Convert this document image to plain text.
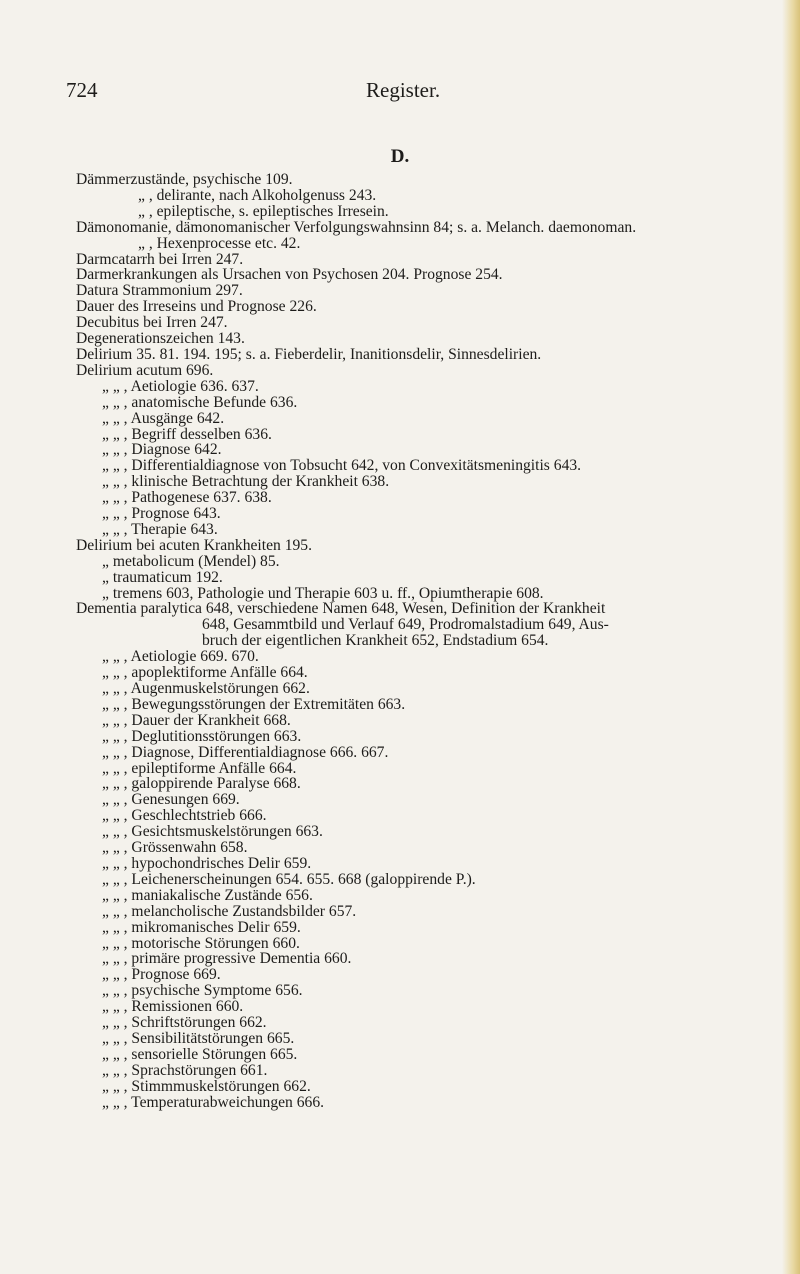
724	Register.
D.
Dämmerzustände, psychische 109.
„ , delirante, nach Alkoholgenuss 243.
„ , epileptische, s. epileptisches Irresein.
Dämonomanie, dämonomanischer Verfolgungswahnsinn 84; s. a. Melanch. daemonoman.
„ , Hexenprocesse etc. 42.
Darmcatarrh bei Irren 247.
Darmerkrankungen als Ursachen von Psychosen 204. Prognose 254.
Datura Strammonium 297.
Dauer des Irreseins und Prognose 226.
Decubitus bei Irren 247.
Degenerationszeichen 143.
Delirium 35. 81. 194. 195; s. a. Fieberdelir, Inanitionsdelir, Sinnesdelirien.
Delirium acutum 696.
„ „ , Aetiologie 636. 637.
„ „ , anatomische Befunde 636.
„ „ , Ausgänge 642.
„ „ , Begriff desselben 636.
„ „ , Diagnose 642.
„ „ , Differentialdiagnose von Tobsucht 642, von Convexitätsmeningitis 643.
„ „ , klinische Betrachtung der Krankheit 638.
„ „ , Pathogenese 637. 638.
„ „ , Prognose 643.
„ „ , Therapie 643.
Delirium bei acuten Krankheiten 195.
„ metabolicum (Mendel) 85.
„ traumaticum 192.
„ tremens 603, Pathologie und Therapie 603 u. ff., Opiumtherapie 608.
Dementia paralytica 648, verschiedene Namen 648, Wesen, Definition der Krankheit
648, Gesammtbild und Verlauf 649, Prodromalstadium 649, Aus-
bruch der eigentlichen Krankheit 652, Endstadium 654.
„ „ , Aetiologie 669. 670.
„ „ , apoplektiforme Anfälle 664.
„ „ , Augenmuskelstörungen 662.
„ „ , Bewegungsstörungen der Extremitäten 663.
„ „ , Dauer der Krankheit 668.
„ „ , Deglutitionsstörungen 663.
„ „ , Diagnose, Differentialdiagnose 666. 667.
„ „ , epileptiforme Anfälle 664.
„ „ , galoppirende Paralyse 668.
„ „ , Genesungen 669.
„ „ , Geschlechtstrieb 666.
„ „ , Gesichtsmuskelstörungen 663.
„ „ , Grössenwahn 658.
„ „ , hypochondrisches Delir 659.
„ „ , Leichenerscheinungen 654. 655. 668 (galoppirende P.).
„ „ , maniakalische Zustände 656.
„ „ , melancholische Zustandsbilder 657.
„ „ , mikromanisches Delir 659.
„ „ , motorische Störungen 660.
„ „ , primäre progressive Dementia 660.
„ „ , Prognose 669.
„ „ , psychische Symptome 656.
„ „ , Remissionen 660.
„ „ , Schriftstörungen 662.
„ „ , Sensibilitätstörungen 665.
„ „ , sensorielle Störungen 665.
„ „ , Sprachstörungen 661.
„ „ , Stimmmuskelstörungen 662.
„ „ , Temperaturabweichungen 666.
